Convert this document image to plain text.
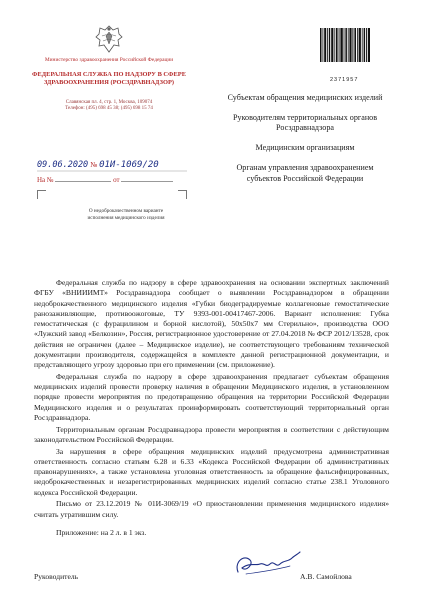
Министерство здравоохранения Российской Федерации
ФЕДЕРАЛЬНАЯ СЛУЖБА ПО НАДЗОРУ В СФЕРЕ ЗДРАВООХРАНЕНИЯ (РОСЗДРАВНАДЗОР)
Славянская пл. 4, стр. 1, Москва, 109074
Телефон: (495) 698 45 38; (495) 698 15 74
09.06.2020 № 01И-1069/20
На №	от
О недоброкачественном варианте исполнения медицинского изделия
2371957

Субъектам обращения медицинских изделий

Руководителям территориальных органов Росздравнадзора

Медицинским организациям

Органам управления здравоохранением субъектов Российской Федерации

Федеральная служба по надзору в сфере здравоохранения на основании экспертных заключений ФГБУ «ВНИИИМТ» Росздравнадзора сообщает о выявлении Росздравнадзором в обращении недоброкачественного медицинского изделия «Губки биодеградируемые коллагеновые гемостатические ранозаживляющие, противоожоговые, ТУ 9393-001-00417467-2006. Вариант исполнения: Губка гемостатическая (с фурацилином и борной кислотой), 50x50x7 мм Стерильно», производства ООО «Лужский завод «Белкозин», Россия, регистрационное удостоверение от 27.04.2018 № ФСР 2012/13528, срок действия не ограничен (далее – Медицинское изделие), не соответствующего требованиям технической документации производителя, содержащейся в комплекте данной регистрационной документации, и представляющего угрозу здоровью при его применении (см. приложение).

Федеральная служба по надзору в сфере здравоохранения предлагает субъектам обращения медицинских изделий провести проверку наличия в обращении Медицинского изделия, в установленном порядке провести мероприятия по предотвращению обращения на территории Российской Федерации Медицинского изделия и о результатах проинформировать соответствующий территориальный орган Росздравнадзора.

Территориальным органам Росздравнадзора провести мероприятия в соответствии с действующим законодательством Российской Федерации.

За нарушения в сфере обращения медицинских изделий предусмотрена административная ответственность согласно статьям 6.28 и 6.33 «Кодекса Российской Федерации об административных правонарушениях», а также установлена уголовная ответственность за обращение фальсифицированных, недоброкачественных и незарегистрированных медицинских изделий согласно статье 238.1 Уголовного кодекса Российской Федерации.

Письмо от 23.12.2019 № 01И-3069/19 «О приостановлении применения медицинского изделия» считать утратившим силу.

Приложение: на 2 л. в 1 экз.
Руководитель	А.В. Самойлова
